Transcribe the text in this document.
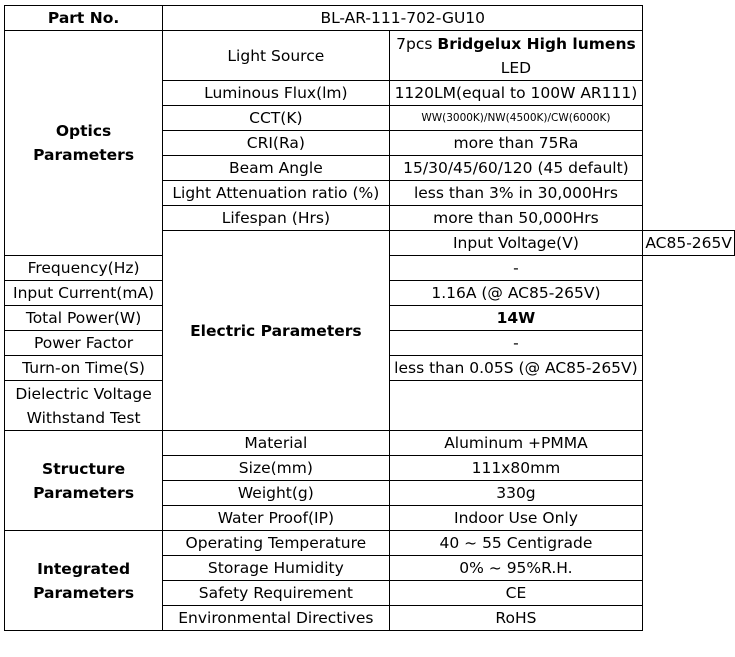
Part No.	BL-AR-111-702-GU10		
Optics Parameters	Light Source	7pcs Bridgelux High lumens LED	
	Luminous Flux(lm)	1120LM(equal to 100W AR111)	
	CCT(K)	WW(3000K)/NW(4500K)/CW(6000K)	
	CRI(Ra)	more than 75Ra	
	Beam Angle	15/30/45/60/120 (45 default)	
	Light Attenuation ratio (%)	less than 3% in 30,000Hrs	
	Lifespan (Hrs)	more than 50,000Hrs	
	Electric Parameters	Input Voltage(V)	AC85-265V
Frequency(Hz)		-	
Input Current(mA)		1.16A (@ AC85-265V)	
Total Power(W)		14W	
Power Factor		-	
Turn-on Time(S)		less than 0.05S (@ AC85-265V)	
Dielectric Voltage Withstand Test			
Structure Parameters	Material	Aluminum +PMMA	
	Size(mm)	111x80mm	
	Weight(g)	330g	
	Water Proof(IP)	Indoor Use Only	
Integrated Parameters	Operating Temperature	40 ~ 55 Centigrade	
	Storage Humidity	0% ~ 95%R.H.	
	Safety Requirement	CE	
	Environmental Directives	RoHS	
